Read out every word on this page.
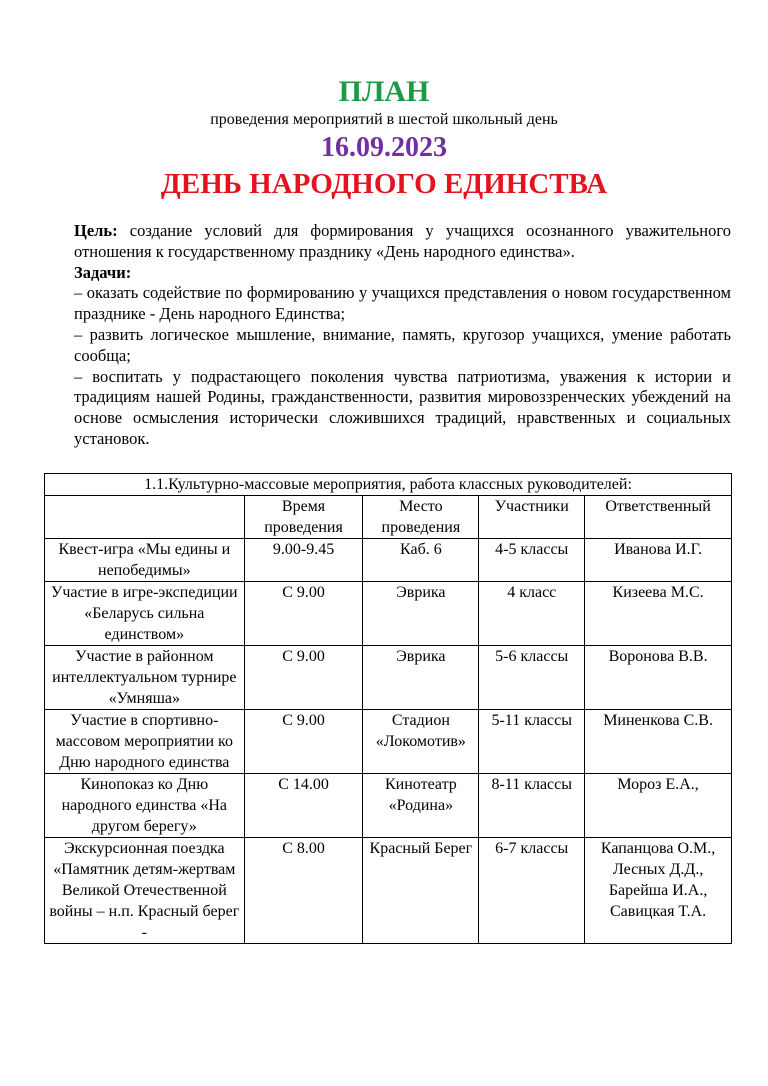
ПЛАН
проведения мероприятий в шестой школьный день
16.09.2023
ДЕНЬ НАРОДНОГО ЕДИНСТВА

Цель: создание условий для формирования у учащихся осознанного уважительного отношения к государственному празднику «День народного единства».

Задачи:

– оказать содействие по формированию у учащихся представления о новом государственном празднике - День народного Единства;

– развить логическое мышление, внимание, память, кругозор учащихся, умение работать сообща;

– воспитать у подрастающего поколения чувства патриотизма, уважения к истории и традициям нашей Родины, гражданственности, развития мировоззренческих убеждений на основе осмысления исторически сложившихся традиций, нравственных и социальных установок.

1.1.Культурно-массовые мероприятия, работа классных руководителей:				
	Время проведения	Место проведения	Участники	Ответственный
Квест-игра «Мы едины и непобедимы»	9.00-9.45	Каб. 6	4-5 классы	Иванова И.Г.
Участие в игре-экспедиции «Беларусь сильна единством»	С 9.00	Эврика	4 класс	Кизеева М.С.
Участие в районном интеллектуальном турнире «Умняша»	С 9.00	Эврика	5-6 классы	Воронова В.В.
Участие в спортивно-массовом мероприятии ко Дню народного единства	С 9.00	Стадион «Локомотив»	5-11 классы	Миненкова С.В.
Кинопоказ ко Дню народного единства «На другом берегу»	С 14.00	Кинотеатр «Родина»	8-11 классы	Мороз Е.А.,
Экскурсионная поездка «Памятник детям-жертвам Великой Отечественной войны – н.п. Красный берег -	С 8.00	Красный Берег	6-7 классы	Капанцова О.М., Лесных Д.Д., Барейша И.А., Савицкая Т.А.
